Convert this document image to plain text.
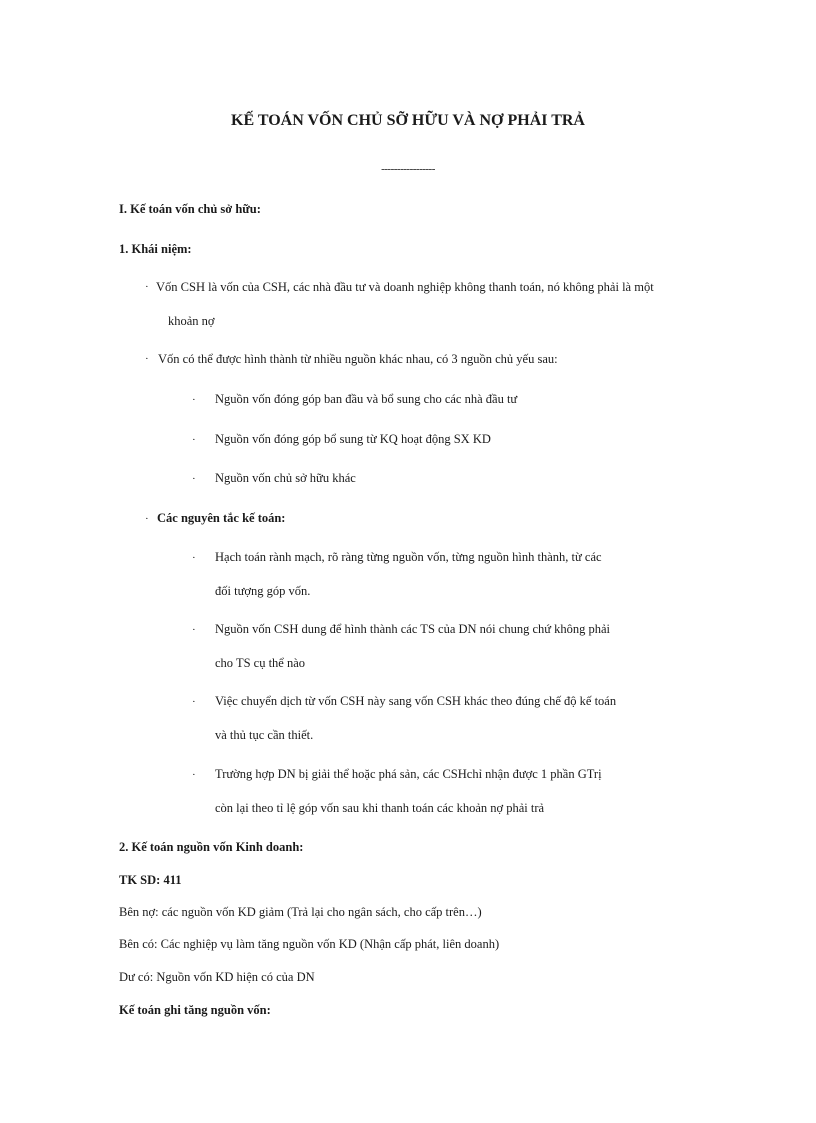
KẾ TOÁN VỐN CHỦ SỠ HỮU VÀ NỢ PHẢI TRẢ
-----------------
I. Kế toán vốn chủ sở hữu:
1. Khái niệm:
· Vốn CSH là vốn của CSH, các nhà đầu tư và doanh nghiệp không thanh toán, nó không phải là một
khoản nợ
· Vốn có thể được hình thành từ nhiều nguồn khác nhau, có 3 nguồn chủ yếu sau:
· Nguồn vốn đóng góp ban đầu và bổ sung cho các nhà đầu tư
· Nguồn vốn đóng góp bổ sung từ KQ hoạt động SX KD
· Nguồn vốn chủ sở hữu khác
· Các nguyên tắc kế toán:
· Hạch toán rành mạch, rõ ràng từng nguồn vốn, từng nguồn hình thành, từ các
đối tượng góp vốn.
· Nguồn vốn CSH dung để hình thành các TS của DN nói chung chứ không phải
cho TS cụ thể nào
· Việc chuyển dịch từ vốn CSH này sang vốn CSH khác theo đúng chế độ kế toán
và thủ tục cần thiết.
· Trường hợp DN bị giải thể hoặc phá sản, các CSHchỉ nhận được 1 phần GTrị
còn lại theo tỉ lệ góp vốn sau khi thanh toán các khoản nợ phải trả
2. Kế toán nguồn vốn Kinh doanh:
TK SD: 411
Bên nợ: các nguồn vốn KD giảm (Trả lại cho ngân sách, cho cấp trên…)
Bên có: Các nghiệp vụ làm tăng nguồn vốn KD (Nhận cấp phát, liên doanh)
Dư có: Nguồn vốn KD hiện có của DN
Kế toán ghi tăng nguồn vốn:
